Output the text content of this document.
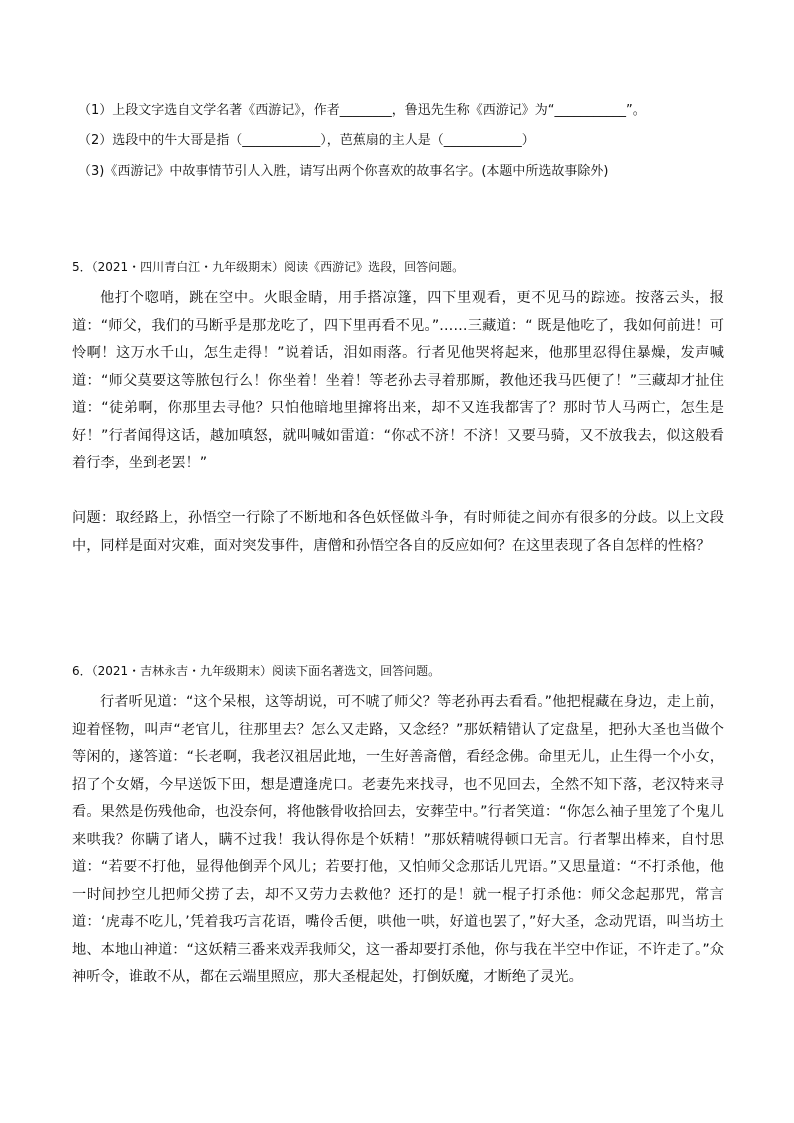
（1）上段文字选自文学名著《西游记》，作者________，鲁迅先生称《西游记》为“___________”。
（2）选段中的牛大哥是指（____________），芭蕉扇的主人是（____________）
（3)《西游记》中故事情节引人入胜，请写出两个你喜欢的故事名字。(本题中所选故事除外)
5．（2021・四川青白江・九年级期末）阅读《西游记》选段，回答问题。

他打个唿哨，跳在空中。火眼金睛，用手搭凉篷，四下里观看，更不见马的踪迹。按落云头，报道：“师父，我们的马断乎是那龙吃了，四下里再看不见。”……三藏道：“ 既是他吃了，我如何前进！可怜啊！这万水千山，怎生走得！”说着话，泪如雨落。行者见他哭将起来，他那里忍得住暴燥，发声喊道：“师父莫要这等脓包行么！你坐着！坐着！等老孙去寻着那厮，教他还我马匹便了！”三藏却才扯住道：“徒弟啊，你那里去寻他？只怕他暗地里撺将出来，却不又连我都害了？那时节人马两亡，怎生是好！”行者闻得这话，越加嗔怒，就叫喊如雷道：“你忒不济！不济！又要马骑，又不放我去，似这般看着行李，坐到老罢！”

问题：取经路上，孙悟空一行除了不断地和各色妖怪做斗争，有时师徒之间亦有很多的分歧。以上文段中，同样是面对灾难，面对突发事件，唐僧和孙悟空各自的反应如何？在这里表现了各自怎样的性格？

6．（2021・吉林永吉・九年级期末）阅读下面名著选文，回答问题。

行者听见道：“这个呆根，这等胡说，可不唬了师父？等老孙再去看看。”他把棍藏在身边，走上前，迎着怪物，叫声“老官儿，往那里去？怎么又走路，又念经？”那妖精错认了定盘星，把孙大圣也当做个等闲的，遂答道：“长老啊，我老汉祖居此地，一生好善斋僧，看经念佛。命里无儿，止生得一个小女，招了个女婿，今早送饭下田，想是遭逢虎口。老妻先来找寻，也不见回去，全然不知下落，老汉特来寻看。果然是伤残他命，也没奈何，将他骸骨收拾回去，安葬茔中。”行者笑道：“你怎么袖子里笼了个鬼儿来哄我？你瞒了诸人，瞒不过我！我认得你是个妖精！”那妖精唬得顿口无言。行者掣出棒来，自忖思道：“若要不打他，显得他倒弄个风儿；若要打他，又怕师父念那话儿咒语。”又思量道：“不打杀他，他一时间抄空儿把师父捞了去，却不又劳力去救他？还打的是！就一棍子打杀他：师父念起那咒，常言道：‘虎毒不吃儿，’凭着我巧言花语，嘴伶舌便，哄他一哄，好道也罢了，”好大圣，念动咒语，叫当坊土地、本地山神道：“这妖精三番来戏弄我师父，这一番却要打杀他，你与我在半空中作证，不许走了。”众神听令，谁敢不从，都在云端里照应，那大圣棍起处，打倒妖魔，才断绝了灵光。
